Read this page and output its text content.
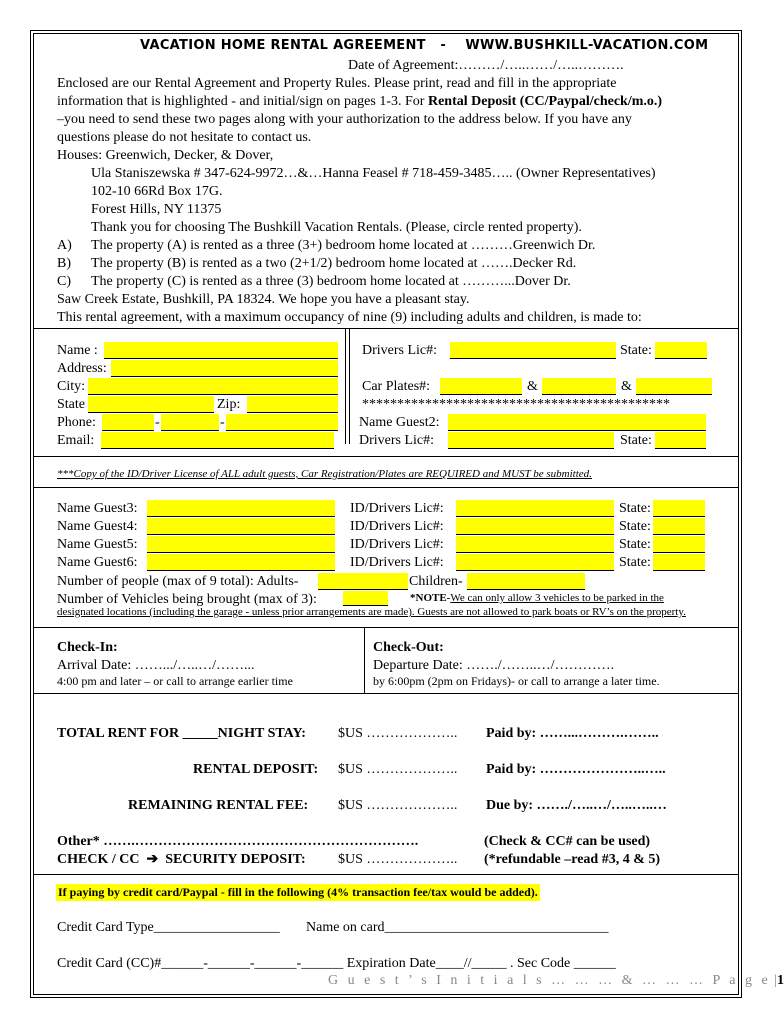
VACATION HOME RENTAL AGREEMENT - WWW.BUSHKILL-VACATION.COM
Date of Agreement:………/…..……/…..……….
Enclosed are our Rental Agreement and Property Rules. Please print, read and fill in the appropriate
information that is highlighted - and initial/sign on pages 1-3. For Rental Deposit (CC/Paypal/check/m.o.)
–you need to send these two pages along with your authorization to the address below. If you have any
questions please do not hesitate to contact us.
Houses: Greenwich, Decker, & Dover,
Ula Staniszewska # 347-624-9972…&…Hanna Feasel # 718-459-3485….. (Owner Representatives)
102-10 66Rd Box 17G.
Forest Hills, NY 11375
Thank you for choosing The Bushkill Vacation Rentals. (Please, circle rented property).
A) The property (A) is rented as a three (3+) bedroom home located at ………Greenwich Dr.
B) The property (B) is rented as a two (2+1/2) bedroom home located at …….Decker Rd.
C) The property (C) is rented as a three (3) bedroom home located at ………...Dover Dr.
Saw Creek Estate, Bushkill, PA 18324. We hope you have a pleasant stay.
This rental agreement, with a maximum occupancy of nine (9) including adults and children, is made to:
Name :
Address:
City:
State	Zip:
Phone:	-	-
Email:
Drivers Lic#:	State:
Car Plates#:	&	&
********************************************
Name Guest2:
Drivers Lic#:	State:
***Copy of the ID/Driver License of ALL adult guests, Car Registration/Plates are REQUIRED and MUST be submitted.
Name Guest3:	ID/Drivers Lic#:	State:
Name Guest4:	ID/Drivers Lic#:	State:
Name Guest5:	ID/Drivers Lic#:	State:
Name Guest6:	ID/Drivers Lic#:	State:
Number of people (max of 9 total): Adults-	Children-
Number of Vehicles being brought (max of 3):	*NOTE-We can only allow 3 vehicles to be parked in the
designated locations (including the garage - unless prior arrangements are made). Guests are not allowed to park boats or RV’s on the property.
Check-In:
Arrival Date: …….../…..…/……...
4:00 pm and later – or call to arrange earlier time
Check-Out:
Departure Date: ……./……..…/………….
by 6:00pm (2pm on Fridays)- or call to arrange a later time.
TOTAL RENT FOR _____NIGHT STAY: $US ……………….. Paid by: ……...……….……..
RENTAL DEPOSIT: $US ……………….. Paid by: …………………..…..
REMAINING RENTAL FEE: $US ……………….. Due by: ……./…..…/…..…..…
Other* …….…………………………………………………….	(Check & CC# can be used)
CHECK / CC ➔ SECURITY DEPOSIT: $US ……………….. (*refundable –read #3, 4 & 5)
If paying by credit card/Paypal - fill in the following (4% transaction fee/tax would be added).
Credit Card Type__________________ Name on card________________________________
Credit Card (CC)#______-______-______-______ Expiration Date____//_____ . Sec Code ______
G u e s t ’ s I n i t i a l s … … … & … … … P a g e |1
